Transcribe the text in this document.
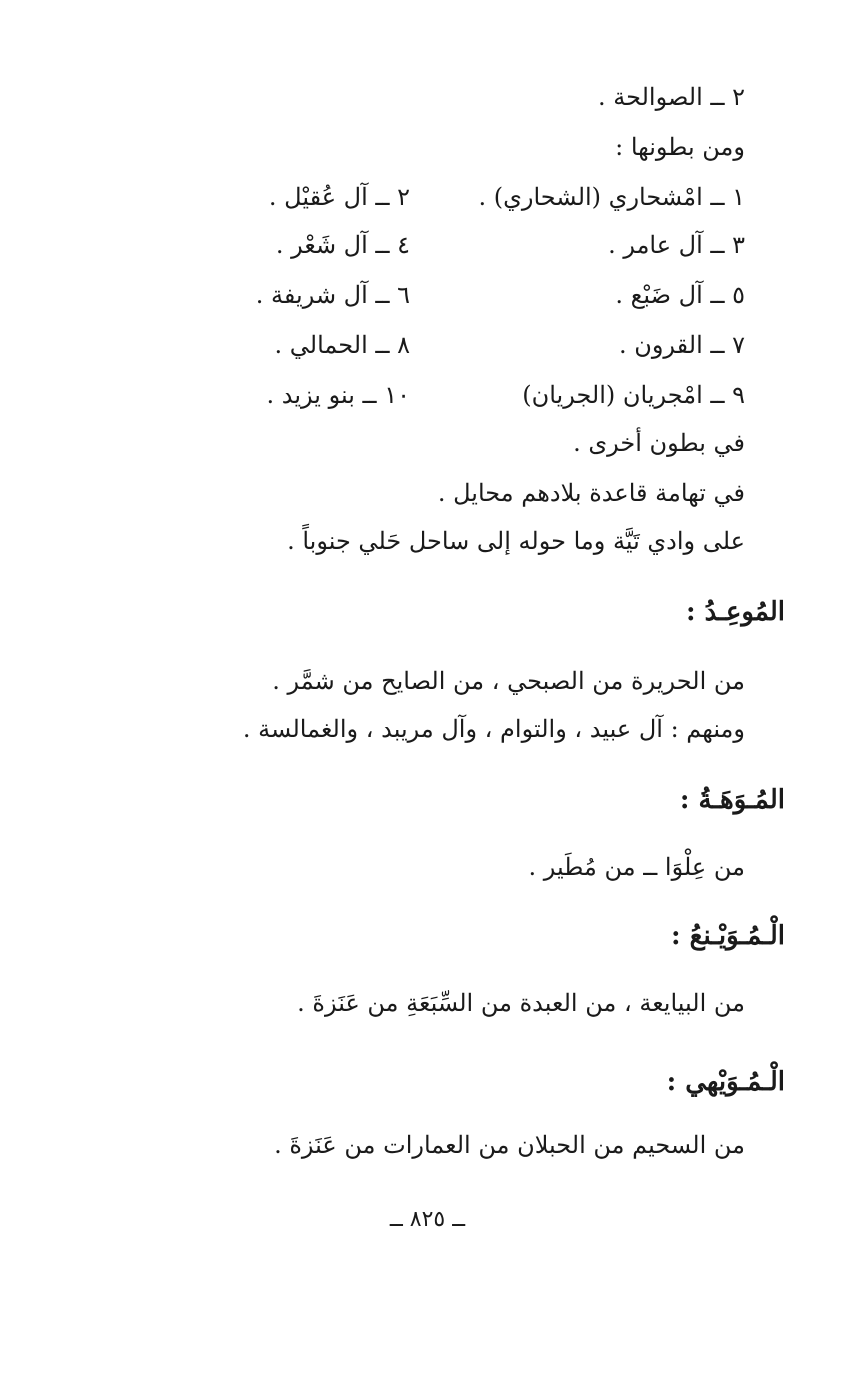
٢ ــ الصوالحة .
ومن بطونها :
١ ــ امْشحاري (الشحاري) .
٢ ــ آل عُقيْل .
٣ ــ آل عامر .
٤ ــ آل شَعْر .
٥ ــ آل ضَبْع .
٦ ــ آل شريفة .
٧ ــ القرون .
٨ ــ الحمالي .
٩ ــ امْجريان (الجريان)
١٠ ــ بنو يزيد .
في بطون أخرى .
في تهامة قاعدة بلادهم محايل .
على وادي تَيَّة وما حوله إلى ساحل حَلي جنوباً .
المُوعِـدُ :
من الحريرة من الصبحي ، من الصايح من شمَّر .
ومنهم : آل عبيد ، والتوام ، وآل مريبد ، والغمالسة .
المُـوَهَـةُ :
من عِلْوَا ــ من مُطَير .
الْـمُـوَيْـنعُ :
من البيايعة ، من العبدة من السِّبَعَةِ من عَنَزةَ .
الْـمُـوَيْهي :
من السحيم من الحبلان من العمارات من عَنَزةَ .
ــ ٨٢٥ ــ
